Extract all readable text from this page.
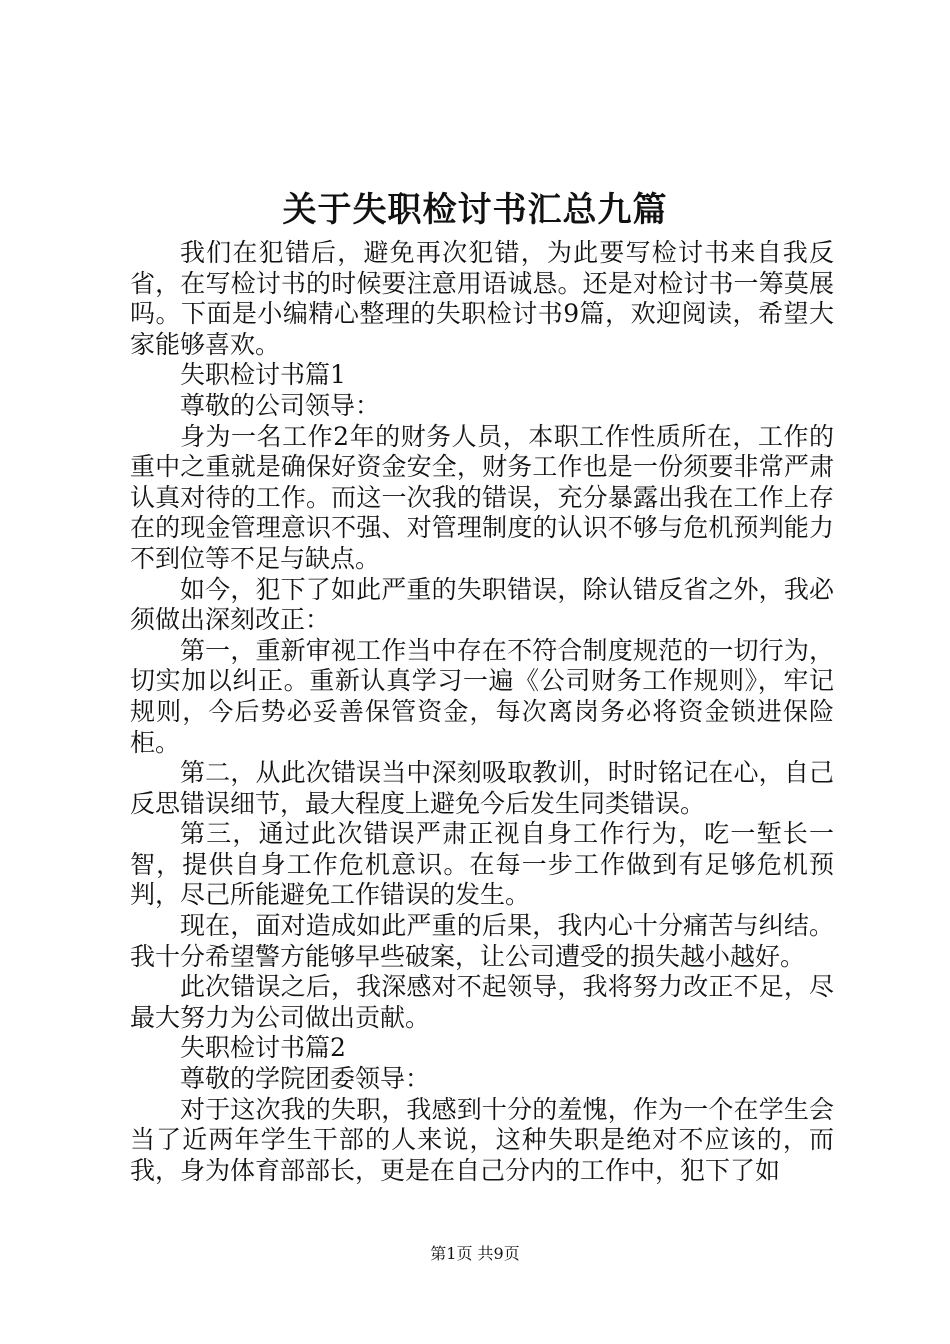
关于失职检讨书汇总九篇

我们在犯错后，避免再次犯错，为此要写检讨书来自我反省，在写检讨书的时候要注意用语诚恳。还是对检讨书一筹莫展吗。下面是小编精心整理的失职检讨书9篇，欢迎阅读，希望大家能够喜欢。

失职检讨书篇1

尊敬的公司领导：

身为一名工作2年的财务人员，本职工作性质所在，工作的重中之重就是确保好资金安全，财务工作也是一份须要非常严肃认真对待的工作。而这一次我的错误，充分暴露出我在工作上存在的现金管理意识不强、对管理制度的认识不够与危机预判能力不到位等不足与缺点。

如今，犯下了如此严重的失职错误，除认错反省之外，我必须做出深刻改正：

第一，重新审视工作当中存在不符合制度规范的一切行为，切实加以纠正。重新认真学习一遍《公司财务工作规则》，牢记规则，今后势必妥善保管资金，每次离岗务必将资金锁进保险柜。

第二，从此次错误当中深刻吸取教训，时时铭记在心，自己反思错误细节，最大程度上避免今后发生同类错误。

第三，通过此次错误严肃正视自身工作行为，吃一堑长一智，提供自身工作危机意识。在每一步工作做到有足够危机预判，尽己所能避免工作错误的发生。

现在，面对造成如此严重的后果，我内心十分痛苦与纠结。我十分希望警方能够早些破案，让公司遭受的损失越小越好。

此次错误之后，我深感对不起领导，我将努力改正不足，尽最大努力为公司做出贡献。

失职检讨书篇2

尊敬的学院团委领导：

对于这次我的失职，我感到十分的羞愧，作为一个在学生会当了近两年学生干部的人来说，这种失职是绝对不应该的，而我，身为体育部部长，更是在自己分内的工作中，犯下了如

第1页 共9页
